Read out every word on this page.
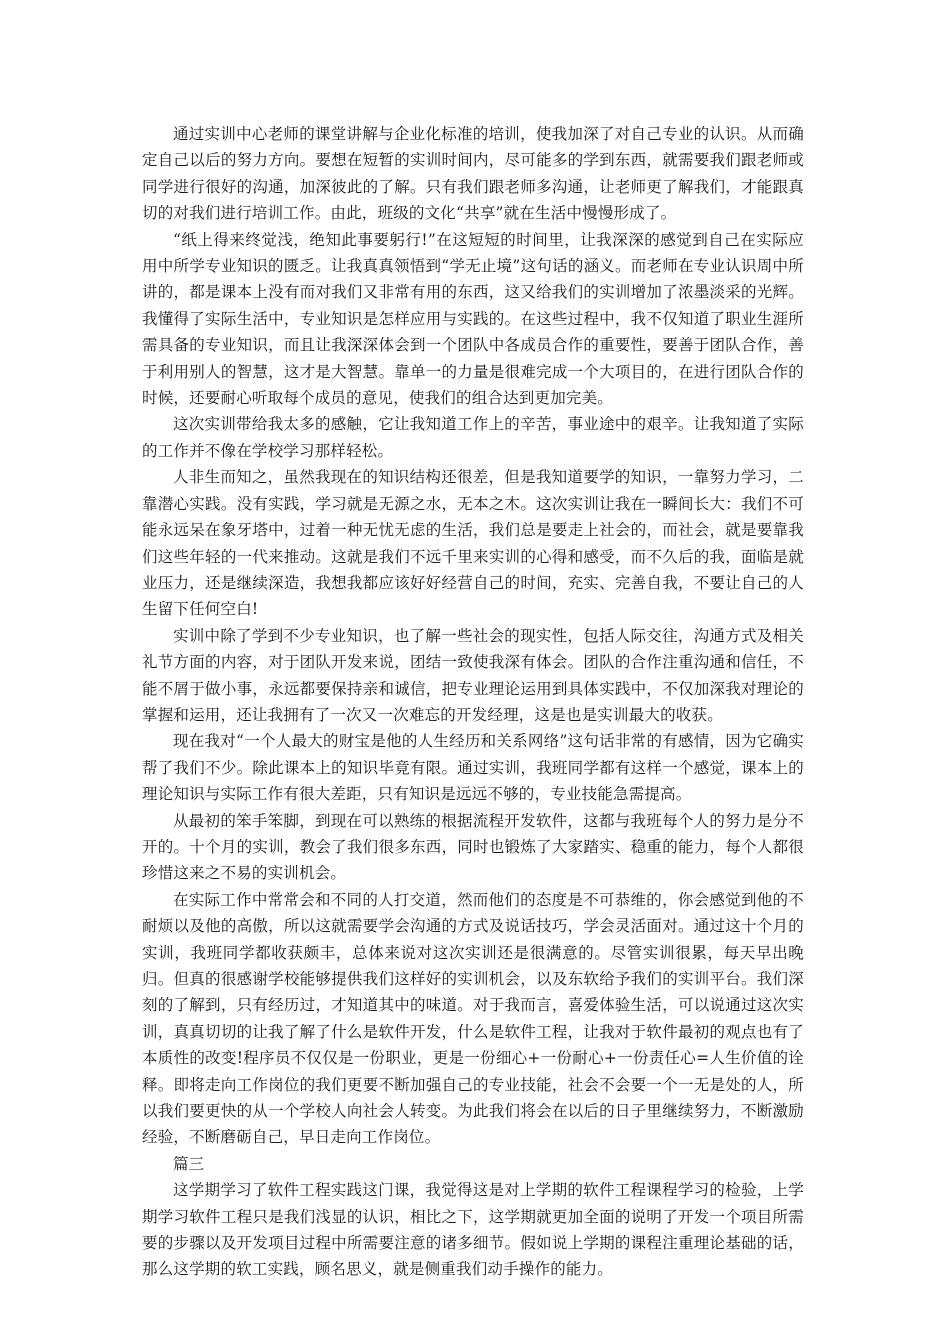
通过实训中心老师的课堂讲解与企业化标准的培训，使我加深了对自己专业的认识。从而确定自己以后的努力方向。要想在短暂的实训时间内，尽可能多的学到东西，就需要我们跟老师或同学进行很好的沟通，加深彼此的了解。只有我们跟老师多沟通，让老师更了解我们，才能跟真切的对我们进行培训工作。由此，班级的文化“共享”就在生活中慢慢形成了。

“纸上得来终觉浅，绝知此事要躬行!”在这短短的时间里，让我深深的感觉到自己在实际应用中所学专业知识的匮乏。让我真真领悟到“学无止境”这句话的涵义。而老师在专业认识周中所讲的，都是课本上没有而对我们又非常有用的东西，这又给我们的实训增加了浓墨淡采的光辉。我懂得了实际生活中，专业知识是怎样应用与实践的。在这些过程中，我不仅知道了职业生涯所需具备的专业知识，而且让我深深体会到一个团队中各成员合作的重要性，要善于团队合作，善于利用别人的智慧，这才是大智慧。靠单一的力量是很难完成一个大项目的，在进行团队合作的时候，还要耐心听取每个成员的意见，使我们的组合达到更加完美。

这次实训带给我太多的感触，它让我知道工作上的辛苦，事业途中的艰辛。让我知道了实际的工作并不像在学校学习那样轻松。

人非生而知之，虽然我现在的知识结构还很差，但是我知道要学的知识，一靠努力学习，二靠潜心实践。没有实践，学习就是无源之水，无本之木。这次实训让我在一瞬间长大：我们不可能永远呆在象牙塔中，过着一种无忧无虑的生活，我们总是要走上社会的，而社会，就是要靠我们这些年轻的一代来推动。这就是我们不远千里来实训的心得和感受，而不久后的我，面临是就业压力，还是继续深造，我想我都应该好好经营自己的时间，充实、完善自我，不要让自己的人生留下任何空白!

实训中除了学到不少专业知识，也了解一些社会的现实性，包括人际交往，沟通方式及相关礼节方面的内容，对于团队开发来说，团结一致使我深有体会。团队的合作注重沟通和信任，不能不屑于做小事，永远都要保持亲和诚信，把专业理论运用到具体实践中，不仅加深我对理论的掌握和运用，还让我拥有了一次又一次难忘的开发经理，这是也是实训最大的收获。

现在我对“一个人最大的财宝是他的人生经历和关系网络”这句话非常的有感情，因为它确实帮了我们不少。除此课本上的知识毕竟有限。通过实训，我班同学都有这样一个感觉，课本上的理论知识与实际工作有很大差距，只有知识是远远不够的，专业技能急需提高。

从最初的笨手笨脚，到现在可以熟练的根据流程开发软件，这都与我班每个人的努力是分不开的。十个月的实训，教会了我们很多东西，同时也锻炼了大家踏实、稳重的能力，每个人都很珍惜这来之不易的实训机会。

在实际工作中常常会和不同的人打交道，然而他们的态度是不可恭维的，你会感觉到他的不耐烦以及他的高傲，所以这就需要学会沟通的方式及说话技巧，学会灵活面对。通过这十个月的实训，我班同学都收获颇丰，总体来说对这次实训还是很满意的。尽管实训很累，每天早出晚归。但真的很感谢学校能够提供我们这样好的实训机会，以及东软给予我们的实训平台。我们深刻的了解到，只有经历过，才知道其中的味道。对于我而言，喜爱体验生活，可以说通过这次实训，真真切切的让我了解了什么是软件开发，什么是软件工程，让我对于软件最初的观点也有了本质性的改变!程序员不仅仅是一份职业，更是一份细心+一份耐心+一份责任心=人生价值的诠释。即将走向工作岗位的我们更要不断加强自己的专业技能，社会不会要一个一无是处的人，所以我们要更快的从一个学校人向社会人转变。为此我们将会在以后的日子里继续努力，不断激励经验，不断磨砺自己，早日走向工作岗位。

篇三

这学期学习了软件工程实践这门课，我觉得这是对上学期的软件工程课程学习的检验，上学期学习软件工程只是我们浅显的认识，相比之下，这学期就更加全面的说明了开发一个项目所需要的步骤以及开发项目过程中所需要注意的诸多细节。假如说上学期的课程注重理论基础的话，那么这学期的软工实践，顾名思义，就是侧重我们动手操作的能力。
